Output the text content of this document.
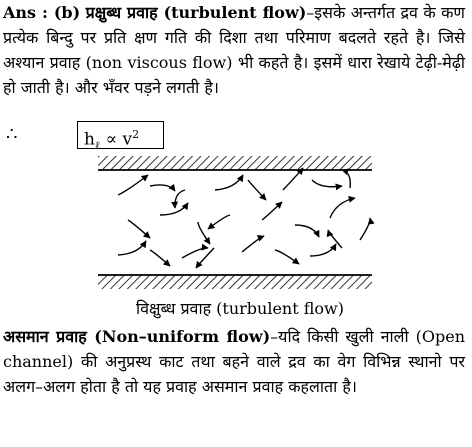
Ans : (b) प्रक्षुब्ध प्रवाह (turbulent flow)–इसके अन्तर्गत द्रव के कण प्रत्येक बिन्दु पर प्रति क्षण गति की दिशा तथा परिमाण बदलते रहते है। जिसे अश्यान प्रवाह (non viscous flow) भी कहते है। इसमें धारा रेखाये टेढ़ी-मेढ़ी हो जाती है। और भँवर पड़ने लगती है।
∴	$h_\ell \propto v^2$
विक्षुब्ध प्रवाह (turbulent flow)
असमान प्रवाह (Non–uniform flow)–यदि किसी खुली नाली (Open channel) की अनुप्रस्थ काट तथा बहने वाले द्रव का वेग विभिन्न स्थानो पर अलग–अलग होता है तो यह प्रवाह असमान प्रवाह कहलाता है।
